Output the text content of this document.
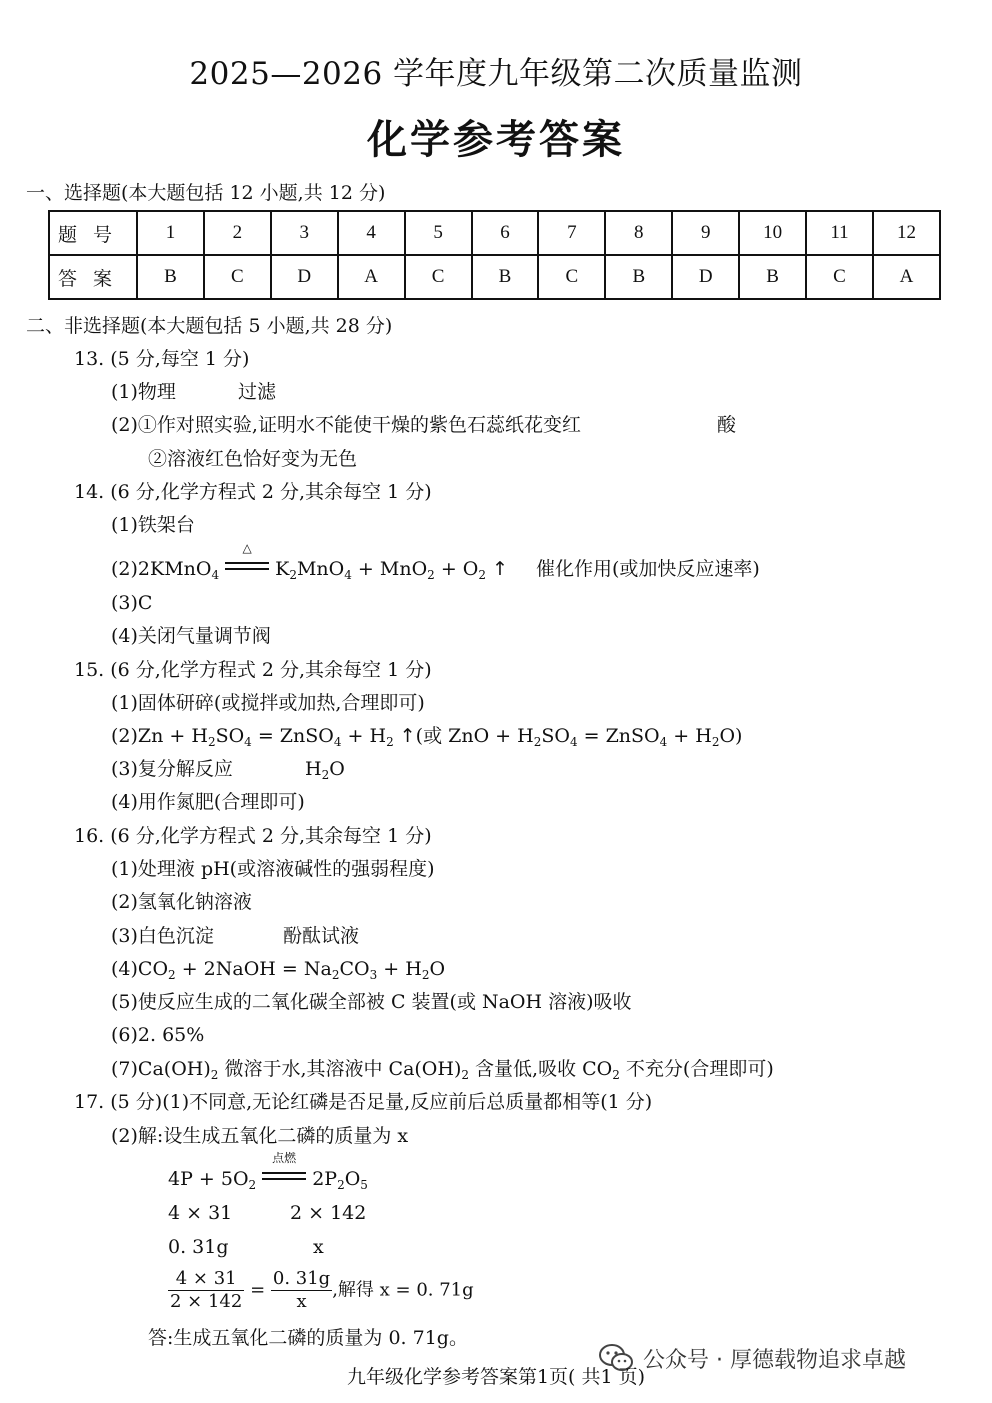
2025—2026 学年度九年级第二次质量监测
化学参考答案
一、选择题(本大题包括 12 小题,共 12 分)
题号	1	2	3	4	5	6	7	8	9	10	11	12
答案	B	C	D	A	C	B	C	B	D	B	C	A
二、非选择题(本大题包括 5 小题,共 28 分)
13. (5 分,每空 1 分)
(1)物理	过滤
(2)①作对照实验,证明水不能使干燥的紫色石蕊纸花变红	酸
②溶液红色恰好变为无色
14. (6 分,化学方程式 2 分,其余每空 1 分)
(1)铁架台
(2)2KMnO$_4$
△
$K_2MnO_4 + MnO_2 + O_2$ ↑ 催化作用(或加快反应速率)
(3)C
(4)关闭气量调节阀
15. (6 分,化学方程式 2 分,其余每空 1 分)
(1)固体研碎(或搅拌或加热,合理即可)
$(2)Zn + H_2SO_4$ = ZnSO$_4$ + $H_2$ ↑(或 ZnO + $H_2SO_4$ = ZnSO$_4$ + $H_2O$)
(3)复分解反应	$H_2O$
(4)用作氮肥(合理即可)
16. (6 分,化学方程式 2 分,其余每空 1 分)
(1)处理液 pH(或溶液碱性的强弱程度)
(2)氢氧化钠溶液
(3)白色沉淀	酚酞试液
$(4)CO_2$ + 2NaOH = $Na_2CO_3 + H_2O$
(5)使反应生成的二氧化碳全部被 C 装置(或 NaOH 溶液)吸收
(6)2. 65%
$(7)Ca(OH)_2$ 微溶于水,其溶液中 $Ca(OH)_2$ 含量低,吸收 $CO_2$ 不充分(合理即可)
17. (5 分)(1)不同意,无论红磷是否足量,反应前后总质量都相等(1 分)
(2)解:设生成五氧化二磷的质量为 x
$4P + 5O_2$
点燃
$2P_2O_5$
4 × 31	2 × 142
0. 31g	x
$\frac{4 \times 31}{2 \times 142} = \frac{0. 31g}{x}$ ,解得 x = 0. 71g
答:生成五氧化二磷的质量为 0. 71g。
公众号 · 厚德载物追求卓越
九年级化学参考答案第1页( 共1 页)
